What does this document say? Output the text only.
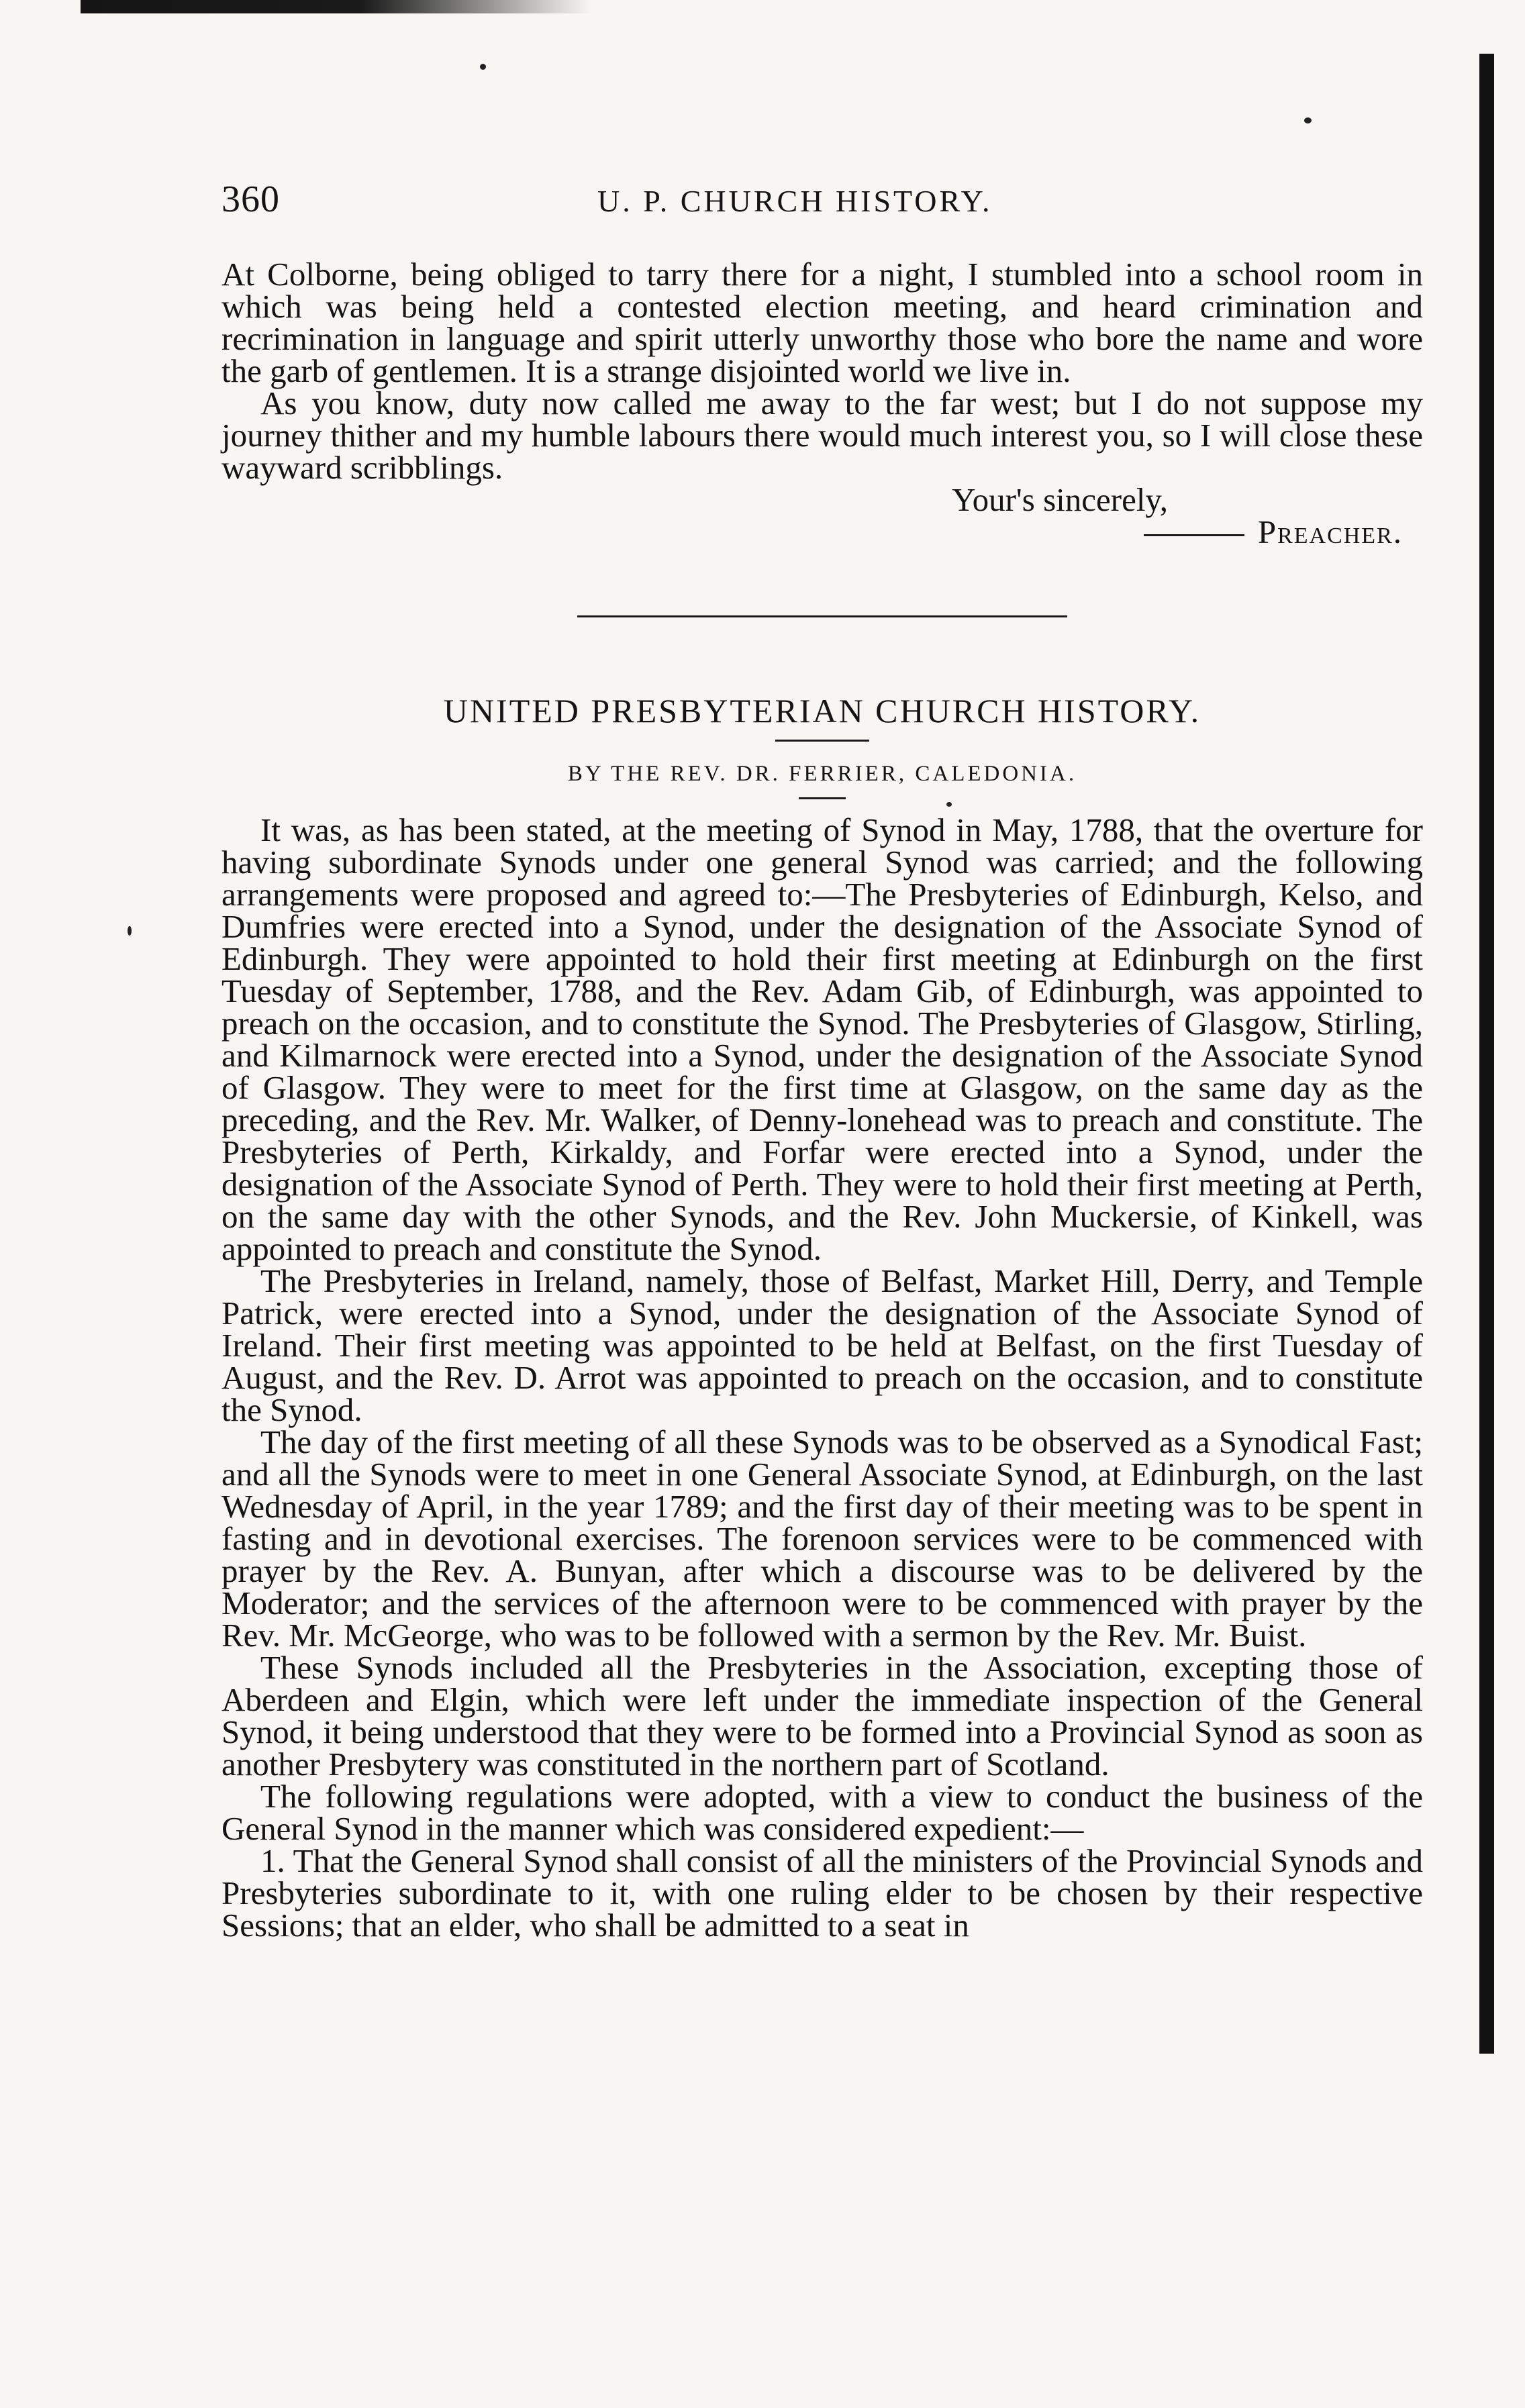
360	U. P. CHURCH HISTORY.

At Colborne, being obliged to tarry there for a night, I stumbled into a school room in which was being held a contested election meeting, and heard crimination and recrimination in language and spirit utterly unworthy those who bore the name and wore the garb of gentlemen. It is a strange disjointed world we live in.

As you know, duty now called me away to the far west; but I do not suppose my journey thither and my humble labours there would much interest you, so I will close these wayward scribblings.

Your's sincerely,
Preacher.
UNITED PRESBYTERIAN CHURCH HISTORY.
BY THE REV. DR. FERRIER, CALEDONIA.

It was, as has been stated, at the meeting of Synod in May, 1788, that the overture for having subordinate Synods under one general Synod was carried; and the following arrangements were proposed and agreed to:—The Presbyteries of Edinburgh, Kelso, and Dumfries were erected into a Synod, under the designation of the Associate Synod of Edinburgh. They were appointed to hold their first meeting at Edinburgh on the first Tuesday of September, 1788, and the Rev. Adam Gib, of Edinburgh, was appointed to preach on the occasion, and to constitute the Synod. The Presbyteries of Glasgow, Stirling, and Kilmarnock were erected into a Synod, under the designation of the Associate Synod of Glasgow. They were to meet for the first time at Glasgow, on the same day as the preceding, and the Rev. Mr. Walker, of Denny-lonehead was to preach and constitute. The Presbyteries of Perth, Kirkaldy, and Forfar were erected into a Synod, under the designation of the Associate Synod of Perth. They were to hold their first meeting at Perth, on the same day with the other Synods, and the Rev. John Muckersie, of Kinkell, was appointed to preach and constitute the Synod.

The Presbyteries in Ireland, namely, those of Belfast, Market Hill, Derry, and Temple Patrick, were erected into a Synod, under the designation of the Associate Synod of Ireland. Their first meeting was appointed to be held at Belfast, on the first Tuesday of August, and the Rev. D. Arrot was appointed to preach on the occasion, and to constitute the Synod.

The day of the first meeting of all these Synods was to be observed as a Synodical Fast; and all the Synods were to meet in one General Associate Synod, at Edinburgh, on the last Wednesday of April, in the year 1789; and the first day of their meeting was to be spent in fasting and in devotional exercises. The forenoon services were to be commenced with prayer by the Rev. A. Bunyan, after which a discourse was to be delivered by the Moderator; and the services of the afternoon were to be commenced with prayer by the Rev. Mr. McGeorge, who was to be followed with a sermon by the Rev. Mr. Buist.

These Synods included all the Presbyteries in the Association, excepting those of Aberdeen and Elgin, which were left under the immediate inspection of the General Synod, it being understood that they were to be formed into a Provincial Synod as soon as another Presbytery was constituted in the northern part of Scotland.

The following regulations were adopted, with a view to conduct the business of the General Synod in the manner which was considered expedient:—

1. That the General Synod shall consist of all the ministers of the Provincial Synods and Presbyteries subordinate to it, with one ruling elder to be chosen by their respective Sessions; that an elder, who shall be admitted to a seat in
